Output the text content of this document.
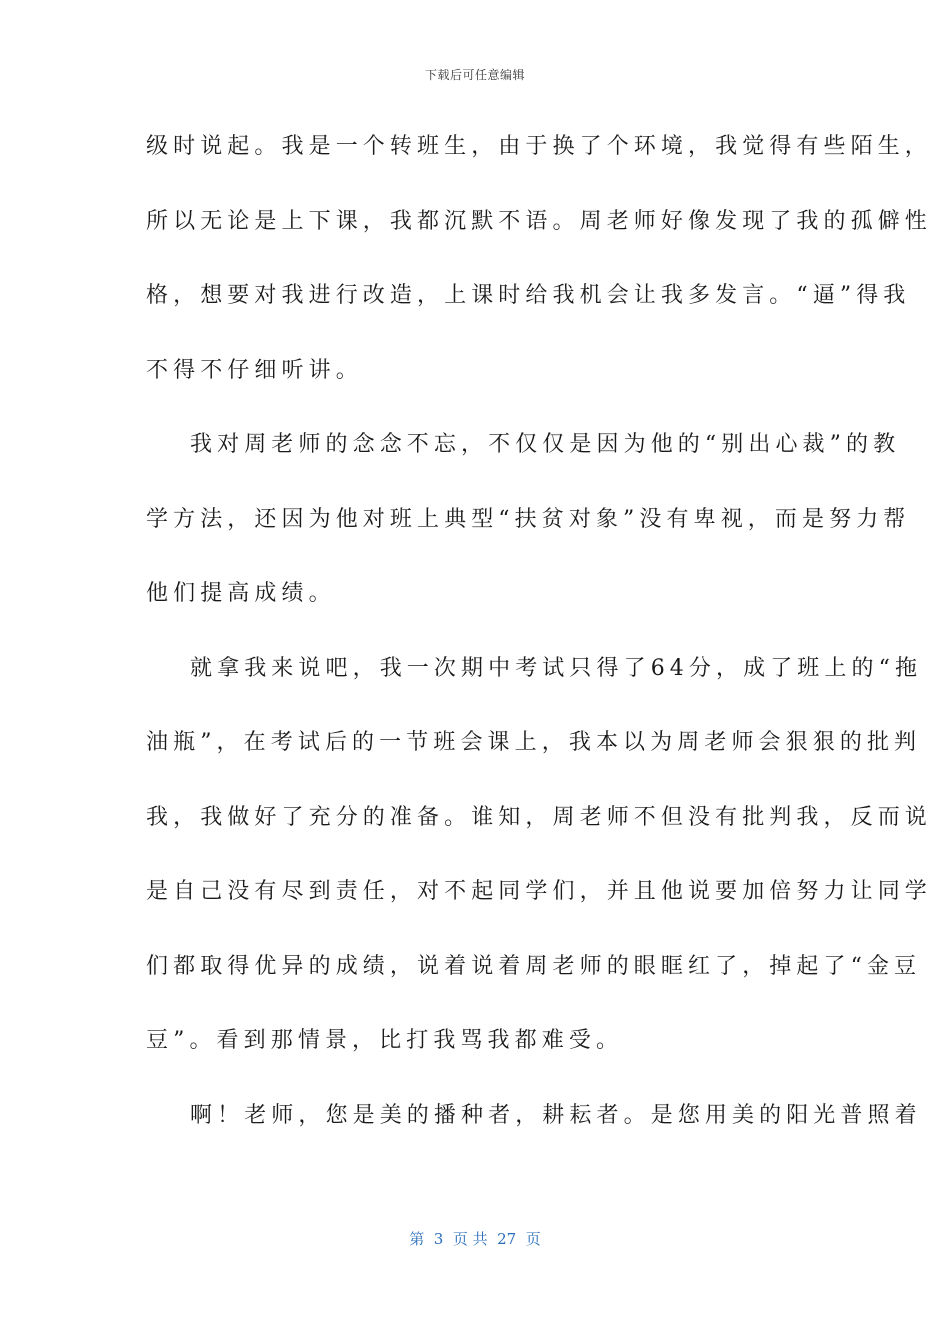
下载后可任意编辑
级时说起。我是一个转班生，由于换了个环境，我觉得有些陌生，
所以无论是上下课，我都沉默不语。周老师好像发现了我的孤僻性
格，想要对我进行改造，上课时给我机会让我多发言。“逼”得我
不得不仔细听讲。
我对周老师的念念不忘，不仅仅是因为他的“别出心裁”的教
学方法，还因为他对班上典型“扶贫对象”没有卑视，而是努力帮
他们提高成绩。
就拿我来说吧，我一次期中考试只得了64分，成了班上的“拖
油瓶”，在考试后的一节班会课上，我本以为周老师会狠狠的批判
我，我做好了充分的准备。谁知，周老师不但没有批判我，反而说
是自己没有尽到责任，对不起同学们，并且他说要加倍努力让同学
们都取得优异的成绩，说着说着周老师的眼眶红了，掉起了“金豆
豆”。看到那情景，比打我骂我都难受。
啊！老师，您是美的播种者，耕耘者。是您用美的阳光普照着
第  3  页 共  27  页
